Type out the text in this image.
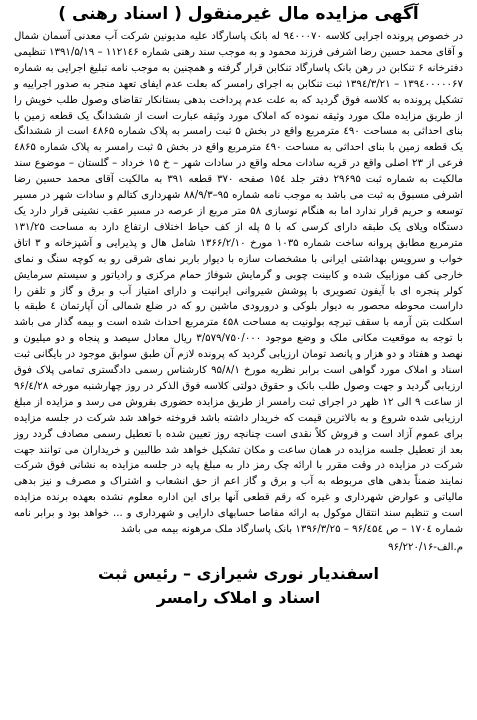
آگهی مزایده مال غیرمنقول ( اسناد رهنی )

در خصوص پرونده اجرایی کلاسه ۹٤٠٠٠٧٠ له بانک پاسارگاد علیه مدیونین شرکت آب معدنی آسمان شمال و آقای محمد حسین رضا اشرفی فرزند محمود و به موجب سند رهنی شماره ۱۱۲۱٤۶ – ۱۳۹۱/۵/۱۹ تنظیمی دفترخانه ۶ تنکابن در رهن بانک پاسارگاد تنکابن قرار گرفته و همچنین به موجب نامه تبلیغ اجرایی به شماره ۱۳۹٤٠٠٠٠٠۶۷ – ۱۳۹٤/۳/۲۱ ثبت تنکابن به اجرای رامسر که بعلت عدم ایفای تعهد منجر به صدور اجراییه و تشکیل پرونده به کلاسه فوق گردید که به علت عدم پرداخت بدهی بستانکار تقاضای وصول طلب خویش را از طریق مزایده ملک مورد وثیقه نموده که املاک مورد وثیقه عبارت است از ششدانگ یک قطعه زمین با بنای احداثی به مساحت ٤۹۰ مترمربع واقع در بخش ۵ ثبت رامسر به پلاک شماره ٤۸۶۵ است از ششدانگ یک قطعه زمین با بنای احداثی به مساحت ٤۹۰ مترمربع واقع در بخش ۵ ثبت رامسر به پلاک شماره ٤۸۶۵ فرعی از ۲۳ اصلی واقع در قریه سادات محله واقع در سادات شهر – خ ۱۵ خرداد – گلستان – موضوع سند مالکیت به شماره ثبت ۲۹۶۹۵ دفتر جلد ۱۵٤ صفحه ۳۷۰ قطعه ۳۹۱ به مالکیت آقای محمد حسین رضا اشرفی مسبوق به ثبت می باشد به موجب نامه شماره ۹۵–۸۸/۹/۳ شهرداری کتالم و سادات شهر در مسیر توسعه و حریم قرار ندارد اما به هنگام نوسازی ۵۸ متر مربع از عرصه در مسیر عقب نشینی قرار دارد یک دستگاه ویلای یک طبقه دارای کرسی که با ۵ پله از کف حیاط اختلاف ارتفاع دارد به مساحت ۱۳۱/۲۵ مترمربع مطابق پروانه ساخت شماره ۱۰۳۵ مورخ ۱۳۶۶/۲/۱۰ شامل هال و پذیرایی و آشپزخانه و ۳ اتاق خواب و سرویس بهداشتی ایرانی با مشخصات سازه با دیوار باربر نمای شرقی رو به کوچه سنگ و نمای خارجی کف موزاییک شده و کابینت چوبی و گرمایش شوفاژ حمام مرکزی و رادیاتور و سیستم سرمایش کولر پنجره ای با آیفون تصویری با پوشش شیروانی ایرانیت و دارای امتیاز آب و برق و گاز و تلفن را داراست محوطه محصور به دیوار بلوکی و درورودی ماشین رو که در ضلع شمالی آن آپارتمان ٤ طبقه با اسکلت بتن آرمه با سقف تیرچه بولونیت به مساحت ٤۵۸ مترمربع احداث شده است و بیمه گذار می باشد با توجه به موقعیت مکانی ملک و وضع موجود ۳/۵۷۹/۷۵۰/۰۰۰ ریال معادل سیصد و پنجاه و دو میلیون و نهصد و هفتاد و دو هزار و پانصد تومان ارزیابی گردید که پرونده لازم آن طبق سوابق موجود در بایگانی ثبت اسناد و املاک مورد گواهی است برابر نظریه مورخ ۹۵/۸/۱ کارشناس رسمی دادگستری تمامی پلاک فوق ارزیابی گردید و جهت وصول طلب بانک و حقوق دولتی کلاسه فوق الذکر در روز چهارشنبه مورخه ۹۶/٤/۲۸ از ساعت ۹ الی ۱۲ ظهر در اجرای ثبت رامسر از طریق مزایده حضوری بفروش می رسد و مزایده از مبلغ ارزیابی شده شروع و به بالاترین قیمت که خریدار داشته باشد فروخته خواهد شد شرکت در جلسه مزایده برای عموم آزاد است و فروش کلاً نقدی است چنانچه روز تعیین شده با تعطیل رسمی مصادف گردد روز بعد از تعطیل جلسه مزایده در همان ساعت و مکان تشکیل خواهد شد طالبین و خریداران می توانند جهت شرکت در مزایده در وقت مقرر با ارائه چک رمز دار به مبلغ پایه در جلسه مزایده به نشانی فوق شرکت نمایند ضمناً بدهی های مربوطه به آب و برق و گاز اعم از حق انشعاب و اشتراک و مصرف و نیز بدهی مالیاتی و عوارض شهرداری و غیره که رقم قطعی آنها برای این اداره معلوم نشده بعهده برنده مزایده است و تنظیم سند انتقال موکول به ارائه مفاصا حسابهای دارایی و شهرداری و ... خواهد بود و برابر نامه شماره ۱۷۰٤ – ص ۹۶/٤۵٤ – ۱۳۹۶/۳/۲۵ بانک پاسارگاد ملک مرهونه بیمه می باشد

م.الف-۹۶/۲۲۰/۱۶
اسفندیار نوری شیرازی – رئیس ثبت
اسناد و املاک رامسر
